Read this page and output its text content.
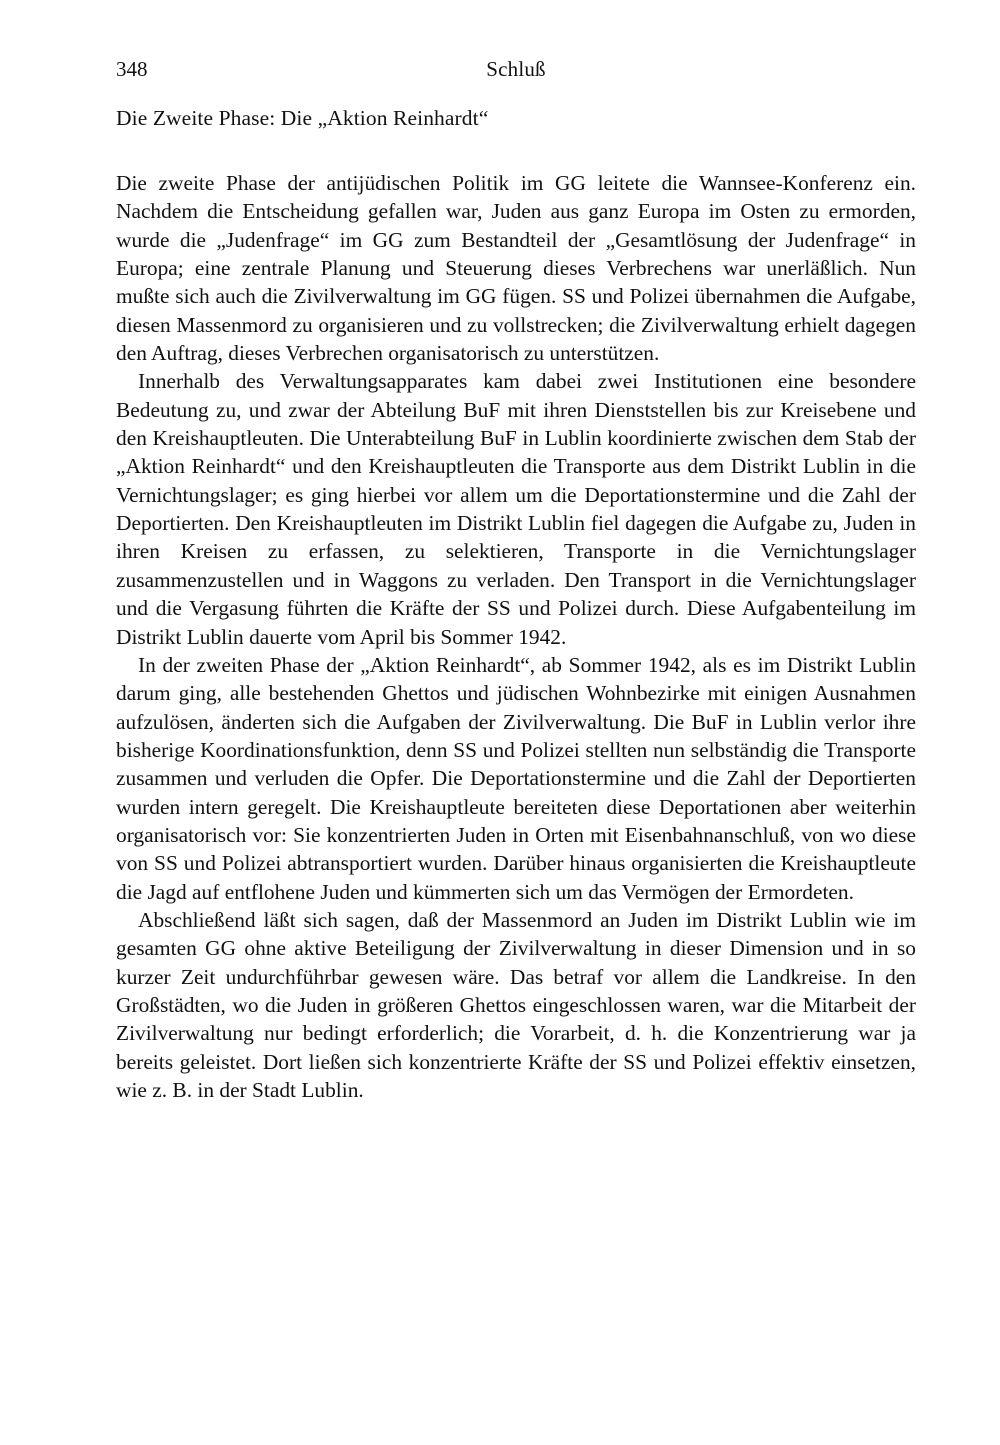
348	Schluß
Die Zweite Phase: Die „Aktion Reinhardt“

Die zweite Phase der antijüdischen Politik im GG leitete die Wannsee-Konferenz ein. Nachdem die Entscheidung gefallen war, Juden aus ganz Europa im Osten zu ermorden, wurde die „Judenfrage“ im GG zum Bestandteil der „Gesamtlösung der Judenfrage“ in Europa; eine zentrale Planung und Steuerung dieses Verbrechens war unerläßlich. Nun mußte sich auch die Zivilverwaltung im GG fügen. SS und Polizei übernahmen die Aufgabe, diesen Massenmord zu organisieren und zu vollstrecken; die Zivilverwaltung erhielt dagegen den Auftrag, dieses Verbrechen organisatorisch zu unterstützen.

Innerhalb des Verwaltungsapparates kam dabei zwei Institutionen eine besondere Bedeutung zu, und zwar der Abteilung BuF mit ihren Dienststellen bis zur Kreisebene und den Kreishauptleuten. Die Unterabteilung BuF in Lublin koordinierte zwischen dem Stab der „Aktion Reinhardt“ und den Kreishauptleuten die Transporte aus dem Distrikt Lublin in die Vernichtungslager; es ging hierbei vor allem um die Deportationstermine und die Zahl der Deportierten. Den Kreishauptleuten im Distrikt Lublin fiel dagegen die Aufgabe zu, Juden in ihren Kreisen zu erfassen, zu selektieren, Transporte in die Vernichtungslager zusammenzustellen und in Waggons zu verladen. Den Transport in die Vernichtungslager und die Vergasung führten die Kräfte der SS und Polizei durch. Diese Aufgabenteilung im Distrikt Lublin dauerte vom April bis Sommer 1942.

In der zweiten Phase der „Aktion Reinhardt“, ab Sommer 1942, als es im Distrikt Lublin darum ging, alle bestehenden Ghettos und jüdischen Wohnbezirke mit einigen Ausnahmen aufzulösen, änderten sich die Aufgaben der Zivilverwaltung. Die BuF in Lublin verlor ihre bisherige Koordinationsfunktion, denn SS und Polizei stellten nun selbständig die Transporte zusammen und verluden die Opfer. Die Deportationstermine und die Zahl der Deportierten wurden intern geregelt. Die Kreishauptleute bereiteten diese Deportationen aber weiterhin organisatorisch vor: Sie konzentrierten Juden in Orten mit Eisenbahnanschluß, von wo diese von SS und Polizei abtransportiert wurden. Darüber hinaus organisierten die Kreishauptleute die Jagd auf entflohene Juden und kümmerten sich um das Vermögen der Ermordeten.

Abschließend läßt sich sagen, daß der Massenmord an Juden im Distrikt Lublin wie im gesamten GG ohne aktive Beteiligung der Zivilverwaltung in dieser Dimension und in so kurzer Zeit undurchführbar gewesen wäre. Das betraf vor allem die Landkreise. In den Großstädten, wo die Juden in größeren Ghettos eingeschlossen waren, war die Mitarbeit der Zivilverwaltung nur bedingt erforderlich; die Vorarbeit, d. h. die Konzentrierung war ja bereits geleistet. Dort ließen sich konzentrierte Kräfte der SS und Polizei effektiv einsetzen, wie z. B. in der Stadt Lublin.
